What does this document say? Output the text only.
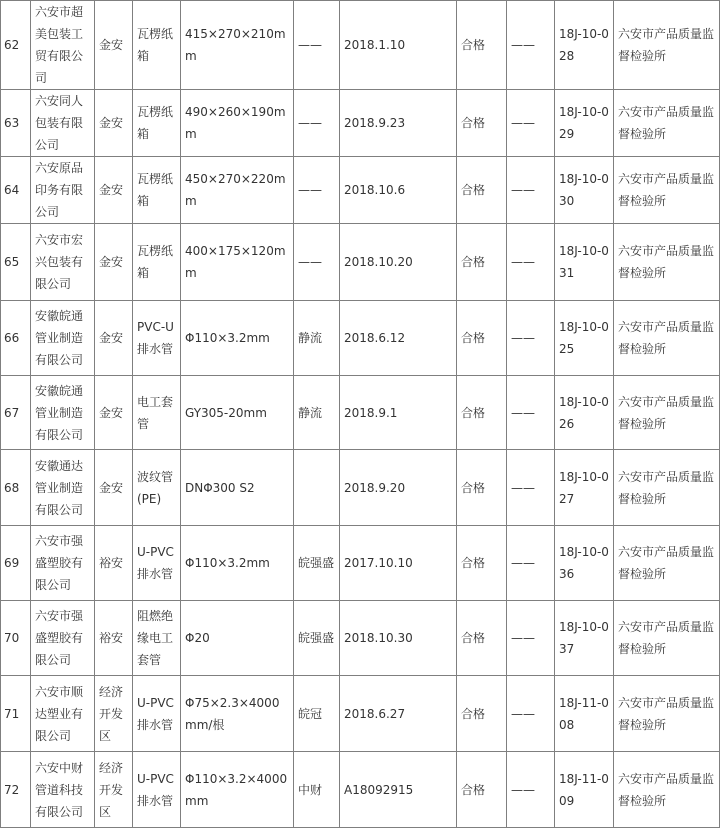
62	六安市超美包装工贸有限公司	金安	瓦楞纸箱	415×270×210mm	——	2018.1.10	合格	——	18J-10-028	六安市产品质量监督检验所
63	六安同人包装有限公司	金安	瓦楞纸箱	490×260×190mm	——	2018.9.23	合格	——	18J-10-029	六安市产品质量监督检验所
64	六安原品印务有限公司	金安	瓦楞纸箱	450×270×220mm	——	2018.10.6	合格	——	18J-10-030	六安市产品质量监督检验所
65	六安市宏兴包装有限公司	金安	瓦楞纸箱	400×175×120mm	——	2018.10.20	合格	——	18J-10-031	六安市产品质量监督检验所
66	安徽皖通管业制造有限公司	金安	PVC-U排水管	Φ110×3.2mm	静流	2018.6.12	合格	——	18J-10-025	六安市产品质量监督检验所
67	安徽皖通管业制造有限公司	金安	电工套管	GY305-20mm	静流	2018.9.1	合格	——	18J-10-026	六安市产品质量监督检验所
68	安徽通达管业制造有限公司	金安	波纹管(PE)	DNΦ300 S2		2018.9.20	合格	——	18J-10-027	六安市产品质量监督检验所
69	六安市强盛塑胶有限公司	裕安	U-PVC排水管	Φ110×3.2mm	皖强盛	2017.10.10	合格	——	18J-10-036	六安市产品质量监督检验所
70	六安市强盛塑胶有限公司	裕安	阻燃绝缘电工套管	Φ20	皖强盛	2018.10.30	合格	——	18J-10-037	六安市产品质量监督检验所
71	六安市顺达塑业有限公司	经济开发区	U-PVC排水管	Φ75×2.3×4000mm/根	皖冠	2018.6.27	合格	——	18J-11-008	六安市产品质量监督检验所
72	六安中财管道科技有限公司	经济开发区	U-PVC排水管	Φ110×3.2×4000mm	中财	A18092915	合格	——	18J-11-009	六安市产品质量监督检验所
